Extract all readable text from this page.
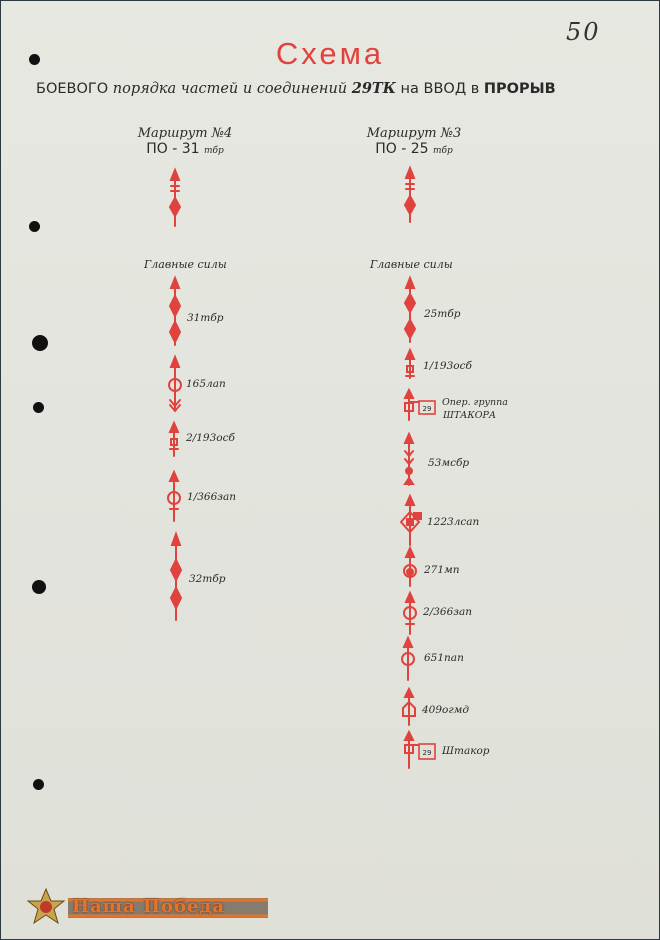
50
Схема
БОЕВОГО порядка частей и соединений 29ТК на ВВОД в ПРОРЫВ
Маршрут №4
ПО - 31 тбр
Маршрут №3
ПО - 25 тбр
29
29
Главные силы	Главные силы
31тбр
165лап
2/193осб
1/366зап
32тбр
25тбр
1/193осб
Опер. группа
ШТАКОРА
53мсбр
1223лсап
271мп
2/366зап
651пап
409огмд
Штакор
Наша Победа
